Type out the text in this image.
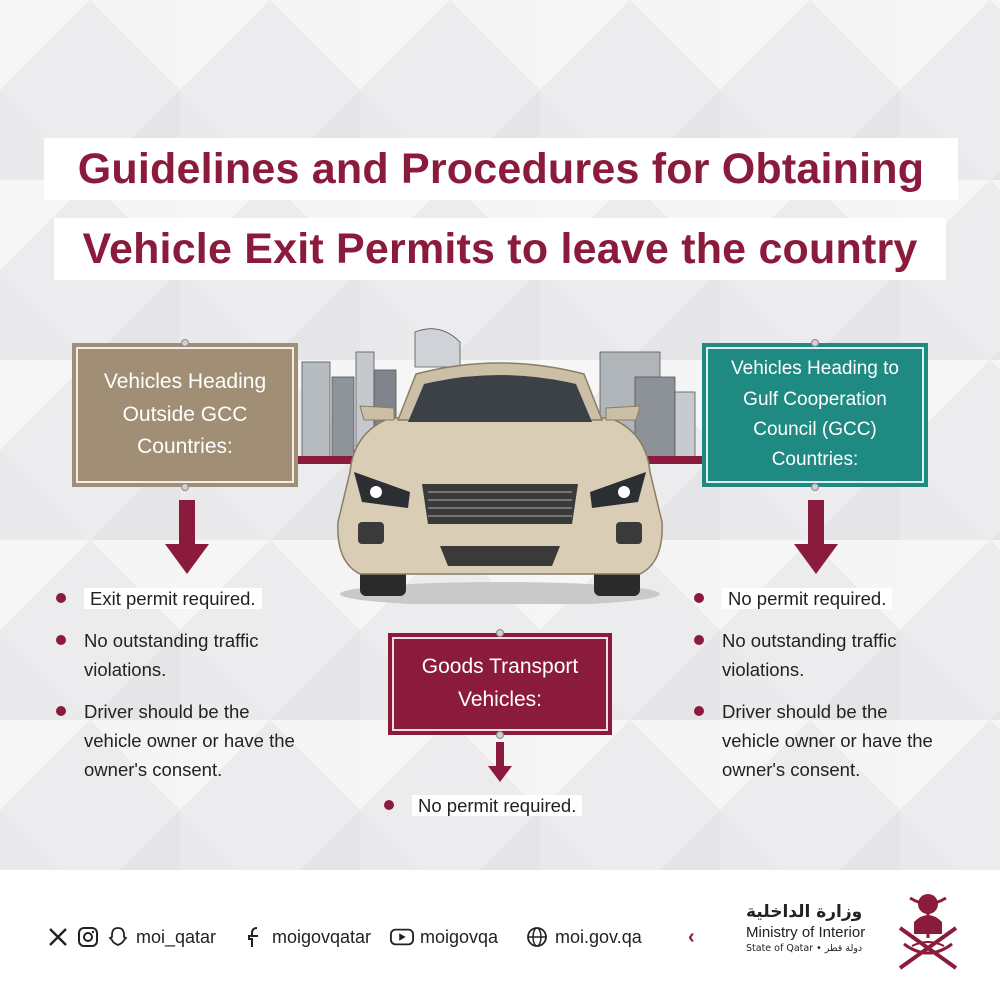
Guidelines and Procedures for Obtaining
Vehicle Exit Permits to leave the country
Vehicles Heading Outside GCC Countries:
Vehicles Heading to Gulf Cooperation Council (GCC) Countries:
Goods Transport Vehicles:
Exit permit required.
No outstanding traffic violations.
Driver should be the vehicle owner or have the owner's consent.
No permit required.
No outstanding traffic violations.
Driver should be the vehicle owner or have the owner's consent.
No permit required.
moi_qatar	moigovqatar	moigovqa	moi.gov.qa ‹
وزارة الداخلية
Ministry of Interior
State of Qatar • دولة قطر
